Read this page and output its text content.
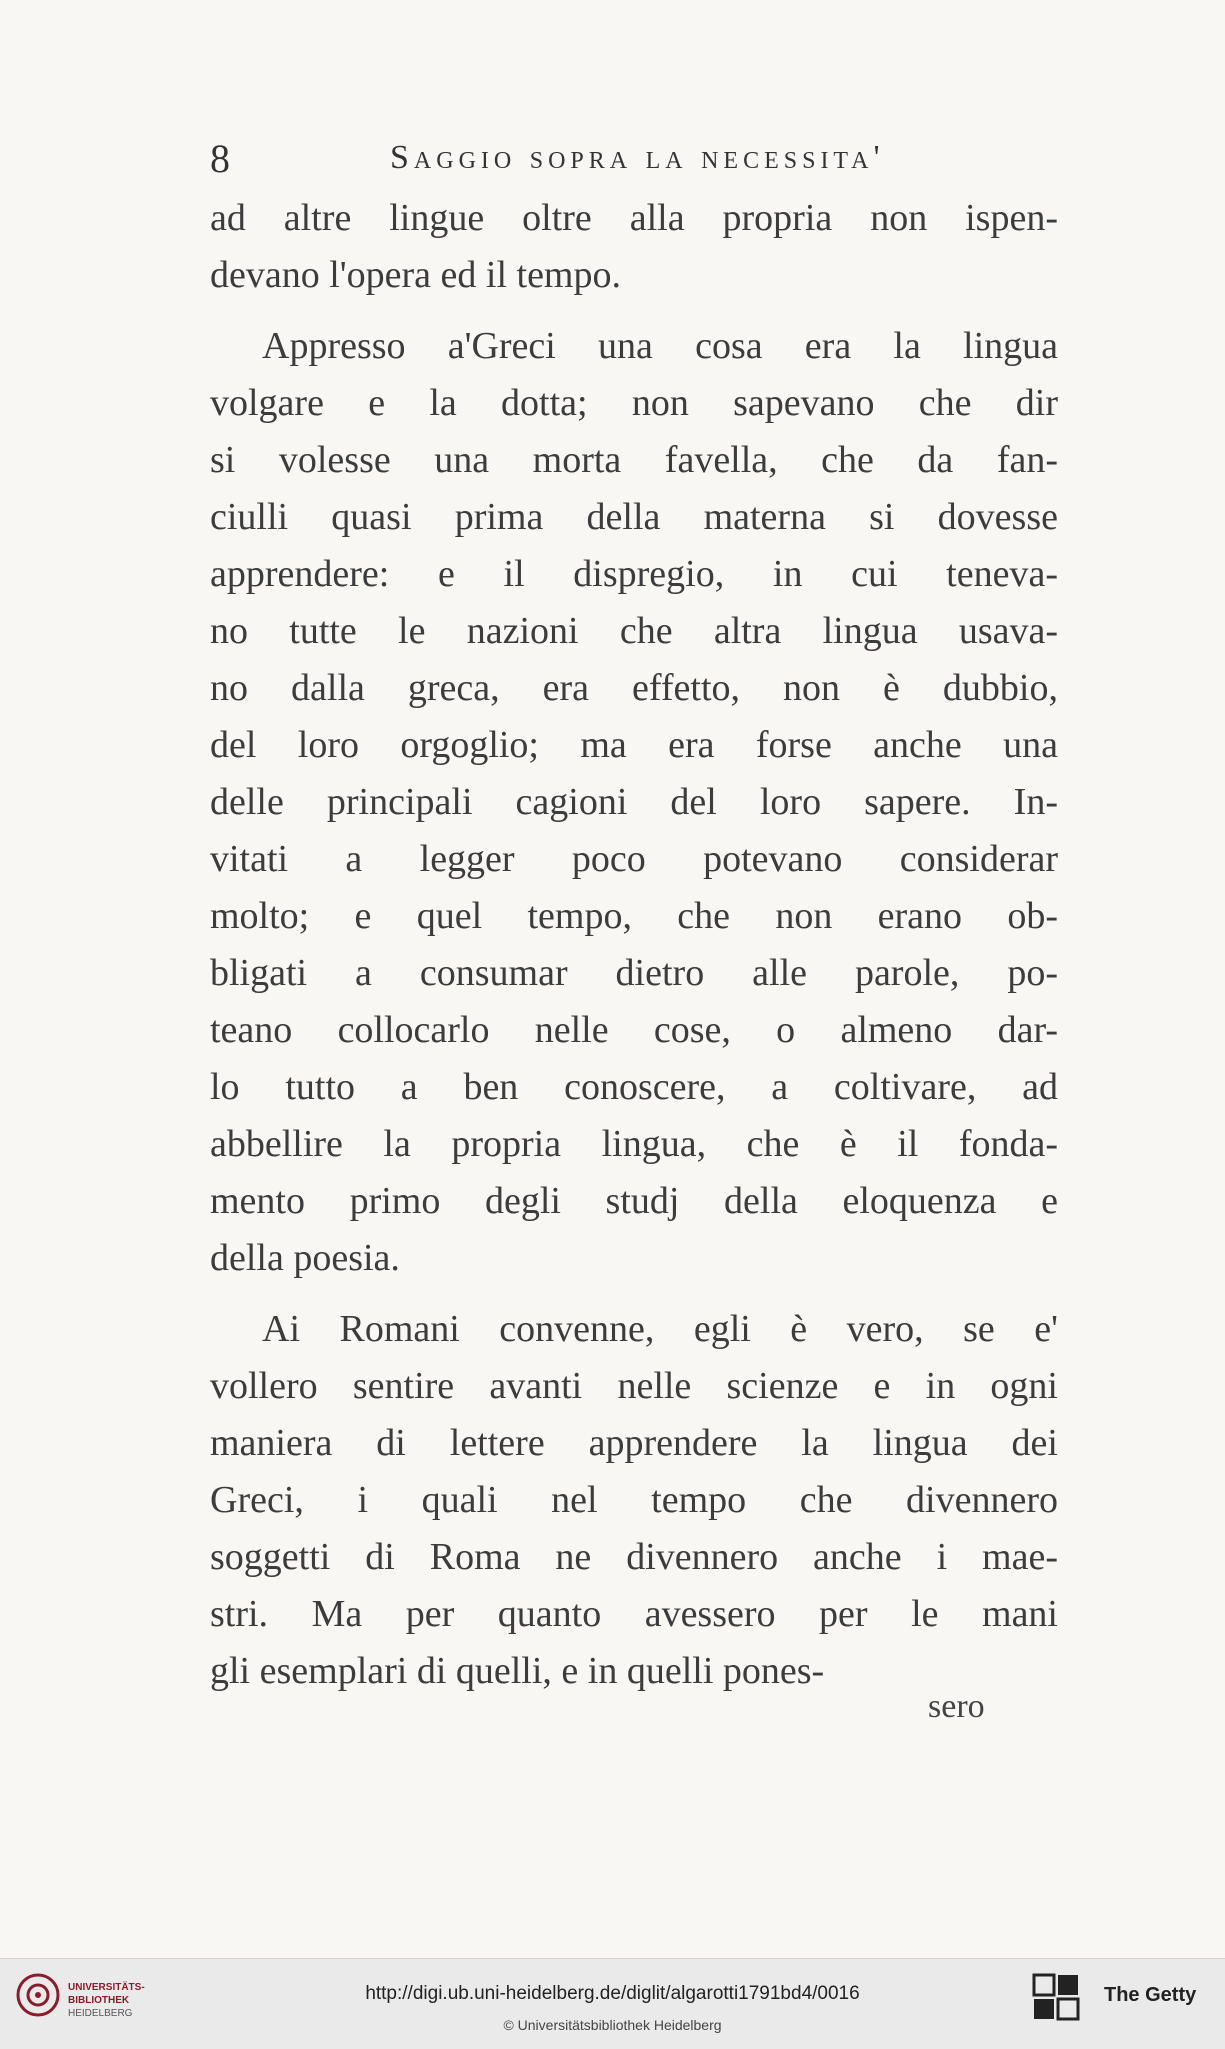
8	Saggio sopra la necessita'
ad altre lingue oltre alla propria non ispen-
devano l'opera ed il tempo.
Appresso a'Greci una cosa era la lingua
volgare e la dotta; non sapevano che dir
si volesse una morta favella, che da fan-
ciulli quasi prima della materna si dovesse
apprendere: e il dispregio, in cui teneva-
no tutte le nazioni che altra lingua usava-
no dalla greca, era effetto, non è dubbio,
del loro orgoglio; ma era forse anche una
delle principali cagioni del loro sapere. In-
vitati a legger poco potevano considerar
molto; e quel tempo, che non erano ob-
bligati a consumar dietro alle parole, po-
teano collocarlo nelle cose, o almeno dar-
lo tutto a ben conoscere, a coltivare, ad
abbellire la propria lingua, che è il fonda-
mento primo degli studj della eloquenza e
della poesia.
Ai Romani convenne, egli è vero, se e'
vollero sentire avanti nelle scienze e in ogni
maniera di lettere apprendere la lingua dei
Greci, i quali nel tempo che divennero
soggetti di Roma ne divennero anche i mae-
stri. Ma per quanto avessero per le mani
gli esemplari di quelli, e in quelli pones-
sero
UNIVERSITÄTS-
BIBLIOTHEK
HEIDELBERG
http://digi.ub.uni-heidelberg.de/diglit/algarotti1791bd4/0016
© Universitätsbibliothek Heidelberg
The Getty
